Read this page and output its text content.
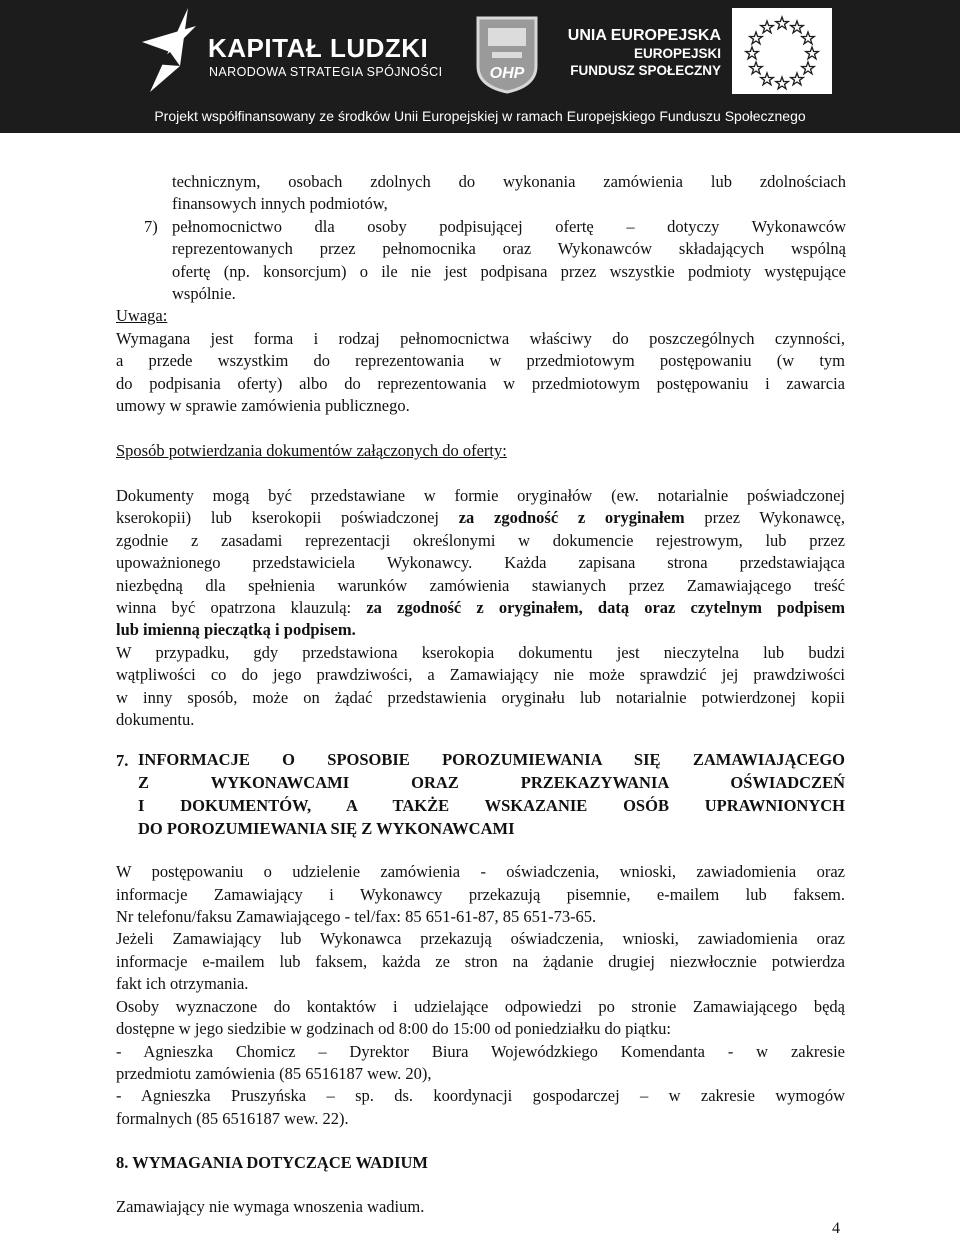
KAPITAŁ LUDZKI
NARODOWA STRATEGIA SPÓJNOŚCI	OHP
UNIA EUROPEJSKA
EUROPEJSKI
FUNDUSZ SPOŁECZNY
Projekt współfinansowany ze środków Unii Europejskiej w ramach Europejskiego Funduszu Społecznego
technicznym, osobach zdolnych do wykonania zamówienia lub zdolnościach
finansowych innych podmiotów,
7) pełnomocnictwo dla osoby podpisującej ofertę – dotyczy Wykonawców
reprezentowanych przez pełnomocnika oraz Wykonawców składających wspólną
ofertę (np. konsorcjum) o ile nie jest podpisana przez wszystkie podmioty występujące
wspólnie.
Uwaga:
Wymagana jest forma i rodzaj pełnomocnictwa właściwy do poszczególnych czynności,
a przede wszystkim do reprezentowania w przedmiotowym postępowaniu (w tym
do podpisania oferty) albo do reprezentowania w przedmiotowym postępowaniu i zawarcia
umowy w sprawie zamówienia publicznego.
Sposób potwierdzania dokumentów załączonych do oferty:
Dokumenty mogą być przedstawiane w formie oryginałów (ew. notarialnie poświadczonej
kserokopii) lub kserokopii poświadczonej za zgodność z oryginałem przez Wykonawcę,
zgodnie z zasadami reprezentacji określonymi w dokumencie rejestrowym, lub przez
upoważnionego przedstawiciela Wykonawcy. Każda zapisana strona przedstawiająca
niezbędną dla spełnienia warunków zamówienia stawianych przez Zamawiającego treść
winna być opatrzona klauzulą: za zgodność z oryginałem, datą oraz czytelnym podpisem
lub imienną pieczątką i podpisem.
W przypadku, gdy przedstawiona kserokopia dokumentu jest nieczytelna lub budzi
wątpliwości co do jego prawdziwości, a Zamawiający nie może sprawdzić jej prawdziwości
w inny sposób, może on żądać przedstawienia oryginału lub notarialnie potwierdzonej kopii
dokumentu.
7. INFORMACJE O SPOSOBIE POROZUMIEWANIA SIĘ ZAMAWIAJĄCEGO
Z WYKONAWCAMI ORAZ PRZEKAZYWANIA OŚWIADCZEŃ
I DOKUMENTÓW, A TAKŻE WSKAZANIE OSÓB UPRAWNIONYCH
DO POROZUMIEWANIA SIĘ Z WYKONAWCAMI
W postępowaniu o udzielenie zamówienia - oświadczenia, wnioski, zawiadomienia oraz
informacje Zamawiający i Wykonawcy przekazują pisemnie, e-mailem lub faksem.
Nr telefonu/faksu Zamawiającego - tel/fax: 85 651-61-87, 85 651-73-65.
Jeżeli Zamawiający lub Wykonawca przekazują oświadczenia, wnioski, zawiadomienia oraz
informacje e-mailem lub faksem, każda ze stron na żądanie drugiej niezwłocznie potwierdza
fakt ich otrzymania.
Osoby wyznaczone do kontaktów i udzielające odpowiedzi po stronie Zamawiającego będą
dostępne w jego siedzibie w godzinach od 8:00 do 15:00 od poniedziałku do piątku:
- Agnieszka Chomicz – Dyrektor Biura Wojewódzkiego Komendanta - w zakresie
przedmiotu zamówienia (85 6516187 wew. 20),
- Agnieszka Pruszyńska – sp. ds. koordynacji gospodarczej – w zakresie wymogów
formalnych (85 6516187 wew. 22).
8. WYMAGANIA DOTYCZĄCE WADIUM
Zamawiający nie wymaga wnoszenia wadium.
4
